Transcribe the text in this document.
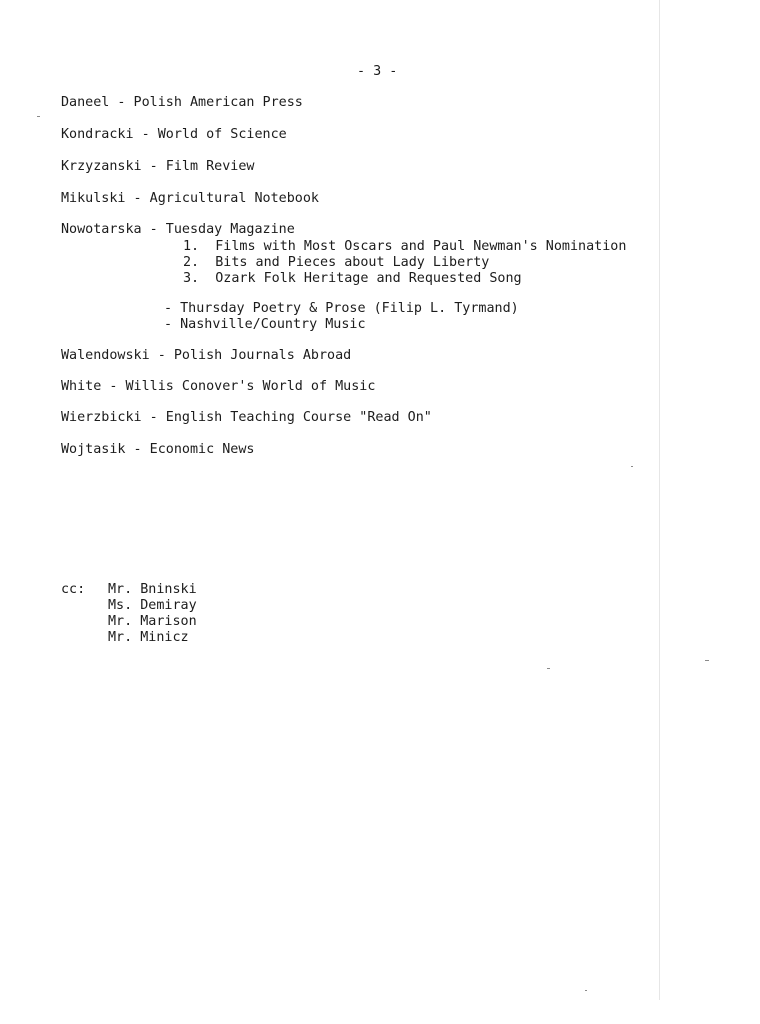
- 3 -
Daneel - Polish American Press
Kondracki - World of Science
Krzyzanski - Film Review
Mikulski - Agricultural Notebook
Nowotarska - Tuesday Magazine
1.  Films with Most Oscars and Paul Newman's Nomination
2.  Bits and Pieces about Lady Liberty
3.  Ozark Folk Heritage and Requested Song
- Thursday Poetry & Prose (Filip L. Tyrmand)
- Nashville/Country Music
Walendowski - Polish Journals Abroad
White - Willis Conover's World of Music
Wierzbicki - English Teaching Course "Read On"
Wojtasik - Economic News
cc: Mr. Bninski
Ms. Demiray
Mr. Marison
Mr. Minicz
